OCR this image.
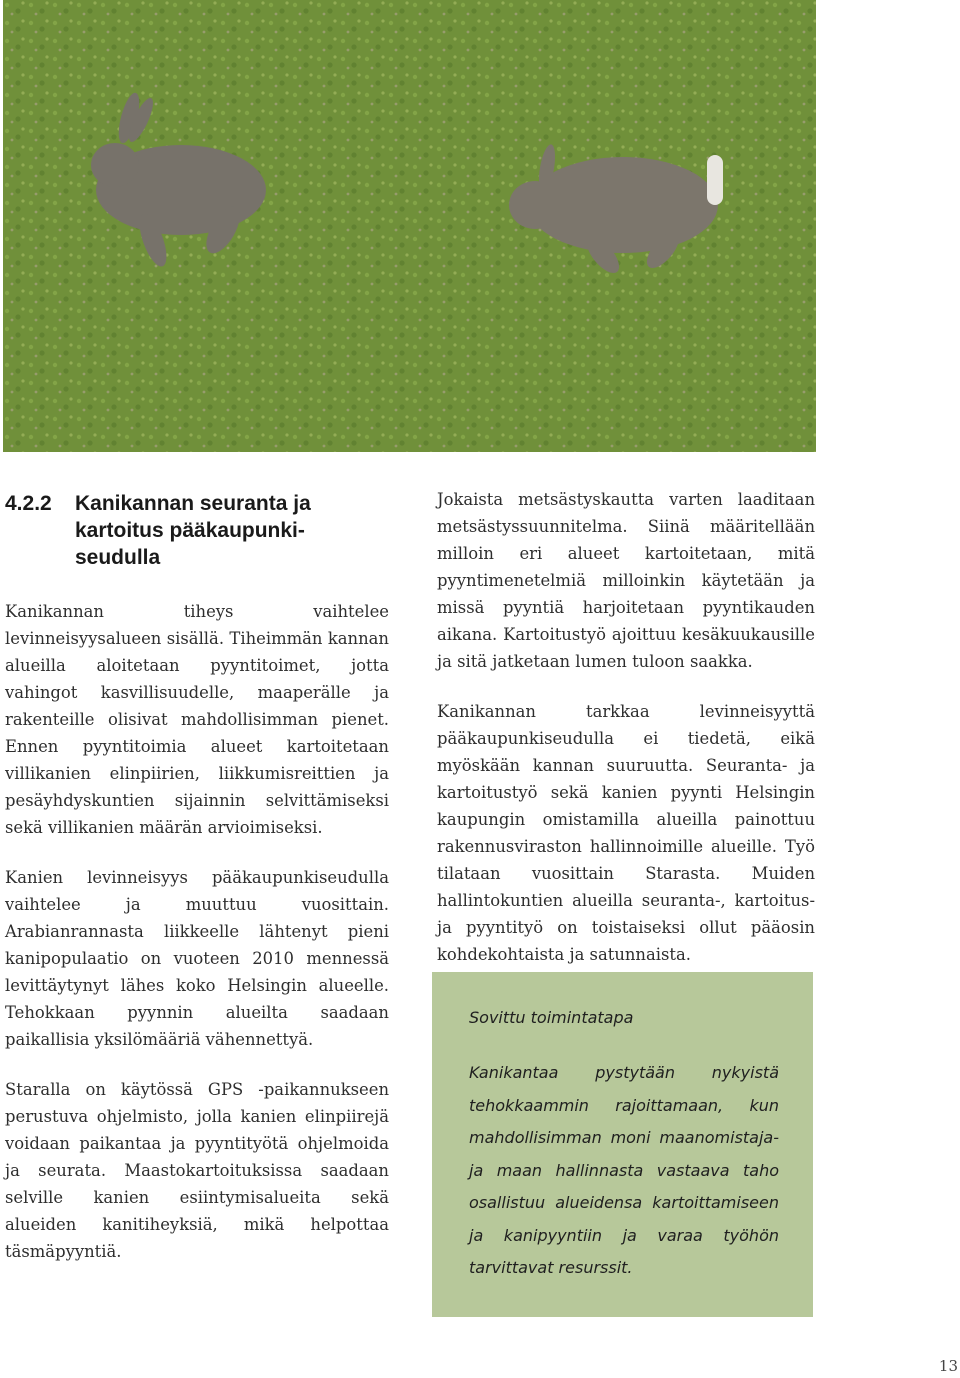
4.2.2 Kanikannan seuranta ja kartoitus pääkaupunki-seudulla

Kanikannan tiheys vaihtelee levinneisyysalueen sisällä. Tiheimmän kannan alueilla aloitetaan pyyntitoimet, jotta vahingot kasvillisuudelle, maaperälle ja rakenteille olisivat mahdollisimman pienet. Ennen pyyntitoimia alueet kartoitetaan villikanien elinpiirien, liikkumisreittien ja pesäyhdyskuntien sijainnin selvittämiseksi sekä villikanien määrän arvioimiseksi.

Kanien levinneisyys pääkaupunkiseudulla vaihtelee ja muuttuu vuosittain. Arabianrannasta liikkeelle lähtenyt pieni kanipopulaatio on vuoteen 2010 mennessä levittäytynyt lähes koko Helsingin alueelle. Tehokkaan pyynnin alueilta saadaan paikallisia yksilömääriä vähennettyä.

Staralla on käytössä GPS -paikannukseen perustuva ohjelmisto, jolla kanien elinpiirejä voidaan paikantaa ja pyyntityötä ohjelmoida ja seurata. Maastokartoituksissa saadaan selville kanien esiintymisalueita sekä alueiden kanitiheyksiä, mikä helpottaa täsmäpyyntiä.

Jokaista metsästyskautta varten laaditaan metsästyssuunnitelma. Siinä määritellään milloin eri alueet kartoitetaan, mitä pyyntimenetelmiä milloinkin käytetään ja missä pyyntiä harjoitetaan pyyntikauden aikana. Kartoitustyö ajoittuu kesäkuukausille ja sitä jatketaan lumen tuloon saakka.

Kanikannan tarkkaa levinneisyyttä pääkaupunkiseudulla ei tiedetä, eikä myöskään kannan suuruutta. Seuranta- ja kartoitustyö sekä kanien pyynti Helsingin kaupungin omistamilla alueilla painottuu rakennusviraston hallinnoimille alueille. Työ tilataan vuosittain Starasta. Muiden hallintokuntien alueilla seuranta-, kartoitus- ja pyyntityö on toistaiseksi ollut pääosin kohdekohtaista ja satunnaista.

Sovittu toimintatapa
Kanikantaa pystytään nykyistä tehokkaammin rajoittamaan, kun mahdollisimman moni maanomistaja- ja maan hallinnasta vastaava taho osallistuu alueidensa kartoittamiseen ja kanipyyntiin ja varaa työhön tarvittavat resurssit.
13
